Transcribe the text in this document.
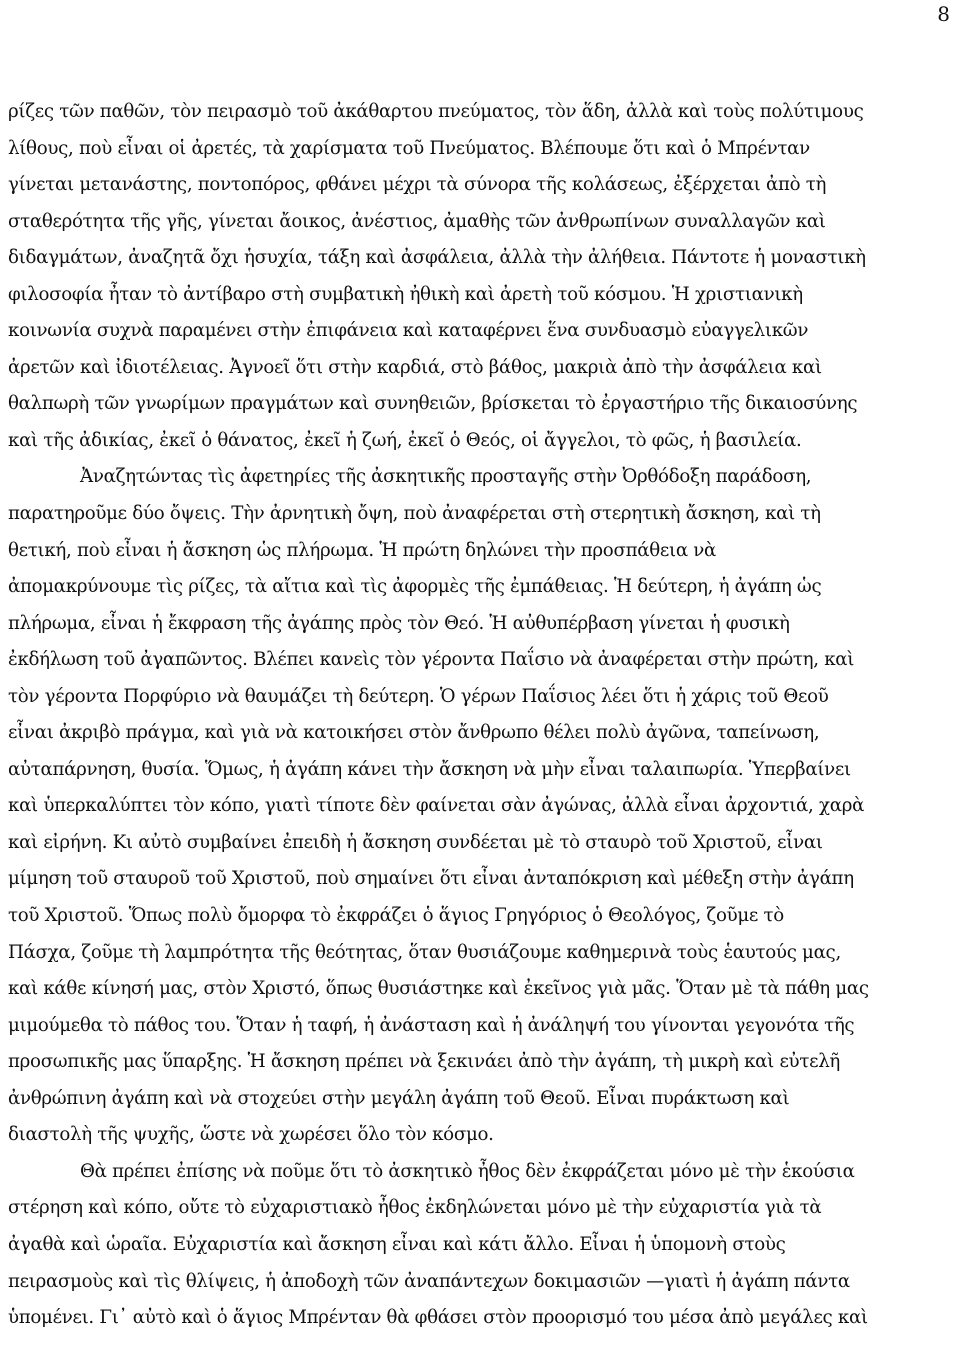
8
ρίζες τῶν παθῶν, τὸν πειρασμὸ τοῦ ἀκάθαρτου πνεύματος, τὸν ἅδη, ἀλλὰ καὶ τοὺς πολύτιμους
λίθους, ποὺ εἶναι οἱ ἀρετές, τὰ χαρίσματα τοῦ Πνεύματος. Βλέπουμε ὅτι καὶ ὁ Μπρένταν
γίνεται μετανάστης, ποντοπόρος, φθάνει μέχρι τὰ σύνορα τῆς κολάσεως, ἐξέρχεται ἀπὸ τὴ
σταθερότητα τῆς γῆς, γίνεται ἄοικος, ἀνέστιος, ἀμαθὴς τῶν ἀνθρωπίνων συναλλαγῶν καὶ
διδαγμάτων, ἀναζητᾶ ὄχι ἡσυχία, τάξη καὶ ἀσφάλεια, ἀλλὰ τὴν ἀλήθεια. Πάντοτε ἡ μοναστικὴ
φιλοσοφία ἦταν τὸ ἀντίβαρο στὴ συμβατικὴ ἠθικὴ καὶ ἀρετὴ τοῦ κόσμου. Ἡ χριστιανικὴ
κοινωνία συχνὰ παραμένει στὴν ἐπιφάνεια καὶ καταφέρνει ἕνα συνδυασμὸ εὐαγγελικῶν
ἀρετῶν καὶ ἰδιοτέλειας. Ἀγνοεῖ ὅτι στὴν καρδιά, στὸ βάθος, μακριὰ ἀπὸ τὴν ἀσφάλεια καὶ
θαλπωρὴ τῶν γνωρίμων πραγμάτων καὶ συνηθειῶν, βρίσκεται τὸ ἐργαστήριο τῆς δικαιοσύνης
καὶ τῆς ἀδικίας, ἐκεῖ ὁ θάνατος, ἐκεῖ ἡ ζωή, ἐκεῖ ὁ Θεός, οἱ ἄγγελοι, τὸ φῶς, ἡ βασιλεία.
Ἀναζητώντας τὶς ἀφετηρίες τῆς ἀσκητικῆς προσταγῆς στὴν Ὀρθόδοξη παράδοση,
παρατηροῦμε δύο ὄψεις. Τὴν ἀρνητικὴ ὄψη, ποὺ ἀναφέρεται στὴ στερητικὴ ἄσκηση, καὶ τὴ
θετική, ποὺ εἶναι ἡ ἄσκηση ὡς πλήρωμα. Ἡ πρώτη δηλώνει τὴν προσπάθεια νὰ
ἀπομακρύνουμε τὶς ρίζες, τὰ αἴτια καὶ τὶς ἀφορμὲς τῆς ἐμπάθειας. Ἡ δεύτερη, ἡ ἀγάπη ὡς
πλήρωμα, εἶναι ἡ ἔκφραση τῆς ἀγάπης πρὸς τὸν Θεό. Ἡ αὐθυπέρβαση γίνεται ἡ φυσικὴ
ἐκδήλωση τοῦ ἀγαπῶντος. Βλέπει κανεὶς τὸν γέροντα Παΐσιο νὰ ἀναφέρεται στὴν πρώτη, καὶ
τὸν γέροντα Πορφύριο νὰ θαυμάζει τὴ δεύτερη. Ὁ γέρων Παΐσιος λέει ὅτι ἡ χάρις τοῦ Θεοῦ
εἶναι ἀκριβὸ πράγμα, καὶ γιὰ νὰ κατοικήσει στὸν ἄνθρωπο θέλει πολὺ ἀγῶνα, ταπείνωση,
αὐταπάρνηση, θυσία. Ὅμως, ἡ ἀγάπη κάνει τὴν ἄσκηση νὰ μὴν εἶναι ταλαιπωρία. Ὑπερβαίνει
καὶ ὑπερκαλύπτει τὸν κόπο, γιατὶ τίποτε δὲν φαίνεται σὰν ἀγώνας, ἀλλὰ εἶναι ἀρχοντιά, χαρὰ
καὶ εἰρήνη. Κι αὐτὸ συμβαίνει ἐπειδὴ ἡ ἄσκηση συνδέεται μὲ τὸ σταυρὸ τοῦ Χριστοῦ, εἶναι
μίμηση τοῦ σταυροῦ τοῦ Χριστοῦ, ποὺ σημαίνει ὅτι εἶναι ἀνταπόκριση καὶ μέθεξη στὴν ἀγάπη
τοῦ Χριστοῦ. Ὅπως πολὺ ὄμορφα τὸ ἐκφράζει ὁ ἅγιος Γρηγόριος ὁ Θεολόγος, ζοῦμε τὸ
Πάσχα, ζοῦμε τὴ λαμπρότητα τῆς θεότητας, ὅταν θυσιάζουμε καθημερινὰ τοὺς ἑαυτούς μας,
καὶ κάθε κίνησή μας, στὸν Χριστό, ὅπως θυσιάστηκε καὶ ἐκεῖνος γιὰ μᾶς. Ὅταν μὲ τὰ πάθη μας
μιμούμεθα τὸ πάθος του. Ὅταν ἡ ταφή, ἡ ἀνάσταση καὶ ἡ ἀνάληψή του γίνονται γεγονότα τῆς
προσωπικῆς μας ὕπαρξης. Ἡ ἄσκηση πρέπει νὰ ξεκινάει ἀπὸ τὴν ἀγάπη, τὴ μικρὴ καὶ εὐτελῆ
ἀνθρώπινη ἀγάπη καὶ νὰ στοχεύει στὴν μεγάλη ἀγάπη τοῦ Θεοῦ. Εἶναι πυράκτωση καὶ
διαστολὴ τῆς ψυχῆς, ὥστε νὰ χωρέσει ὅλο τὸν κόσμο.
Θὰ πρέπει ἐπίσης νὰ ποῦμε ὅτι τὸ ἀσκητικὸ ἦθος δὲν ἐκφράζεται μόνο μὲ τὴν ἑκούσια
στέρηση καὶ κόπο, οὔτε τὸ εὐχαριστιακὸ ἦθος ἐκδηλώνεται μόνο μὲ τὴν εὐχαριστία γιὰ τὰ
ἀγαθὰ καὶ ὡραῖα. Εὐχαριστία καὶ ἄσκηση εἶναι καὶ κάτι ἄλλο. Εἶναι ἡ ὑπομονὴ στοὺς
πειρασμοὺς καὶ τὶς θλίψεις, ἡ ἀποδοχὴ τῶν ἀναπάντεχων δοκιμασιῶν —γιατὶ ἡ ἀγάπη πάντα
ὑπομένει. Γι᾽ αὐτὸ καὶ ὁ ἅγιος Μπρένταν θὰ φθάσει στὸν προορισμό του μέσα ἀπὸ μεγάλες καὶ
